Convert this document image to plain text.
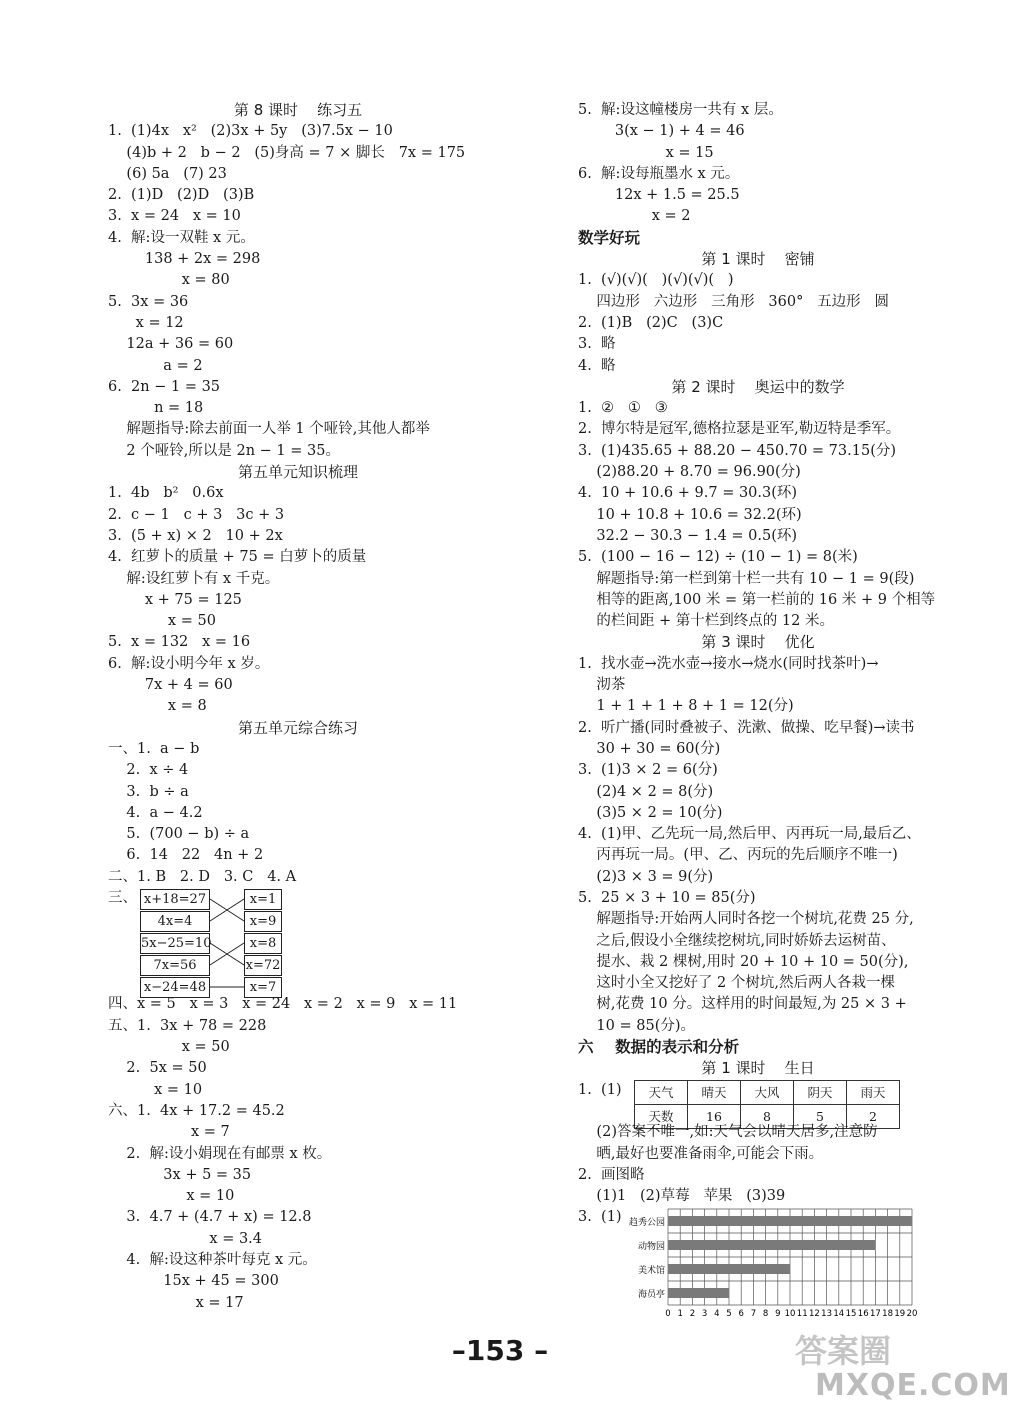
第 8 课时    练习五
1.  (1)4x   x²   (2)3x + 5y   (3)7.5x − 10
(4)b + 2   b − 2   (5)身高 = 7 × 脚长   7x = 175
(6) 5a   (7) 23
2.  (1)D   (2)D   (3)B
3.  x = 24   x = 10
4.  解:设一双鞋 x 元。
138 + 2x = 298
x = 80
5.  3x = 36
x = 12
12a + 36 = 60
a = 2
6.  2n − 1 = 35
n = 18
解题指导:除去前面一人举 1 个哑铃,其他人都举
2 个哑铃,所以是 2n − 1 = 35。
第五单元知识梳理
1.  4b   b²   0.6x
2.  c − 1   c + 3   3c + 3
3.  (5 + x) × 2   10 + 2x
4.  红萝卜的质量 + 75 = 白萝卜的质量
解:设红萝卜有 x 千克。
x + 75 = 125
x = 50
5.  x = 132   x = 16
6.  解:设小明今年 x 岁。
7x + 4 = 60
x = 8
第五单元综合练习
一、1.  a − b
2.  x ÷ 4
3.  b ÷ a
4.  a − 4.2
5.  (700 − b) ÷ a
6.  14   22   4n + 2
二、1. B   2. D   3. C   4. A
三、 x+18=27
4x=4
5x−25=10
7x=56
x−24=48
x=1
x=9
x=8
x=72
x=7
四、x = 5   x = 3   x = 24   x = 2   x = 9   x = 11
五、1.  3x + 78 = 228
x = 50
2.  5x = 50
x = 10
六、1.  4x + 17.2 = 45.2
x = 7
2.  解:设小娟现在有邮票 x 枚。
3x + 5 = 35
x = 10
3.  4.7 + (4.7 + x) = 12.8
x = 3.4
4.  解:设这种茶叶每克 x 元。
15x + 45 = 300
x = 17
5.  解:设这幢楼房一共有 x 层。
3(x − 1) + 4 = 46
x = 15
6.  解:设每瓶墨水 x 元。
12x + 1.5 = 25.5
x = 2
数学好玩
第 1 课时    密铺
1.  (√)(√)(   )(√)(√)(   )
四边形   六边形   三角形   360°   五边形   圆
2.  (1)B   (2)C   (3)C
3.  略
4.  略
第 2 课时    奥运中的数学
1.  ②   ①   ③
2.  博尔特是冠军,德格拉瑟是亚军,勒迈特是季军。
3.  (1)435.65 + 88.20 − 450.70 = 73.15(分)
(2)88.20 + 8.70 = 96.90(分)
4.  10 + 10.6 + 9.7 = 30.3(环)
10 + 10.8 + 10.6 = 32.2(环)
32.2 − 30.3 − 1.4 = 0.5(环)
5.  (100 − 16 − 12) ÷ (10 − 1) = 8(米)
解题指导:第一栏到第十栏一共有 10 − 1 = 9(段)
相等的距离,100 米 = 第一栏前的 16 米 + 9 个相等
的栏间距 + 第十栏到终点的 12 米。
第 3 课时    优化
1.  找水壶→洗水壶→接水→烧水(同时找茶叶)→
沏茶
1 + 1 + 1 + 8 + 1 = 12(分)
2.  听广播(同时叠被子、洗漱、做操、吃早餐)→读书
30 + 30 = 60(分)
3.  (1)3 × 2 = 6(分)
(2)4 × 2 = 8(分)
(3)5 × 2 = 10(分)
4.  (1)甲、乙先玩一局,然后甲、丙再玩一局,最后乙、
丙再玩一局。(甲、乙、丙玩的先后顺序不唯一)
(2)3 × 3 = 9(分)
5.  25 × 3 + 10 = 85(分)
解题指导:开始两人同时各挖一个树坑,花费 25 分,
之后,假设小全继续挖树坑,同时娇娇去运树苗、
提水、栽 2 棵树,用时 20 + 10 + 10 = 50(分),
这时小全又挖好了 2 个树坑,然后两人各栽一棵
树,花费 10 分。这样用的时间最短,为 25 × 3 +
10 = 85(分)。
六    数据的表示和分析
第 1 课时    生日
1.  (1) 天气	晴天	大风	阴天	雨天
天数	16	8	5	2
(2)答案不唯一,如:天气会以晴天居多,注意防
晒,最好也要准备雨伞,可能会下雨。
2.  画图略
(1)1   (2)草莓   苹果   (3)39
3.  (1) 趋秀公园
动物园
美术馆
海员亭
0 1 2 3 4 5 6 7 8 9 10 11 12 13 14 15 16 17 18 19 20
–153 –	答案圈
MXQE.COM
